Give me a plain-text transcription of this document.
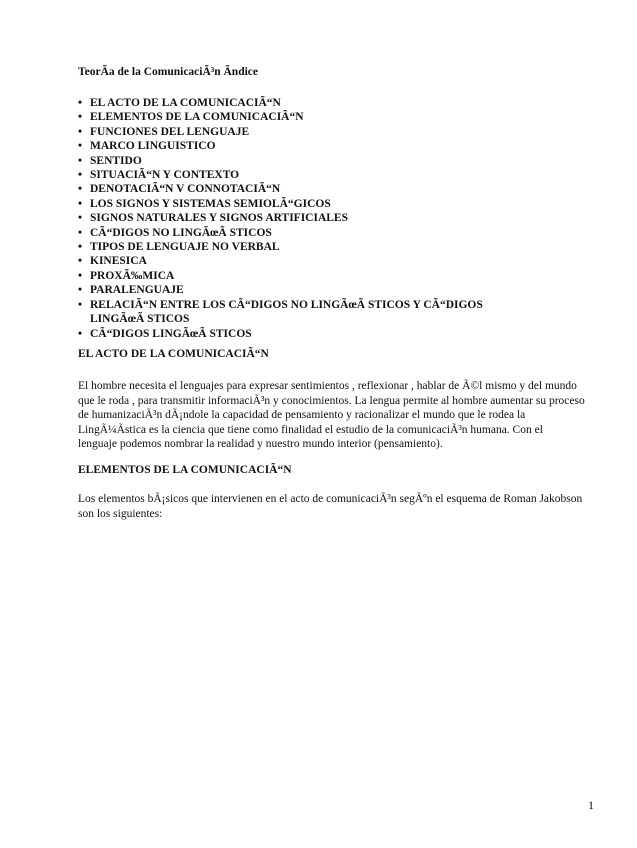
TeorÃa de la ComunicaciÃ³n Ãndice
• EL ACTO DE LA COMUNICACIÃ“N
• ELEMENTOS DE LA COMUNICACIÃ“N
• FUNCIONES DEL LENGUAJE
• MARCO LINGUISTICO
• SENTIDO
• SITUACIÃ“N Y CONTEXTO
• DENOTACIÃ“N V CONNOTACIÃ“N
• LOS SIGNOS Y SISTEMAS SEMIOLÃ“GICOS
• SIGNOS NATURALES Y SIGNOS ARTIFICIALES
• CÃ“DIGOS NO LINGÃœÃ STICOS
• TIPOS DE LENGUAJE NO VERBAL
• KINESICA
• PROXÃ‰MICA
• PARALENGUAJE
• RELACIÃ“N ENTRE LOS CÃ“DIGOS NO LINGÃœÃ STICOS Y CÃ“DIGOS
LINGÃœÃ STICOS
• CÃ“DIGOS LINGÃœÃ STICOS
EL ACTO DE LA COMUNICACIÃ“N

El hombre necesita el lenguajes para expresar sentimientos , reflexionar , hablar de Ã©l mismo y del mundo
que le roda , para transmitir informaciÃ³n y conocimientos. La lengua permite al hombre aumentar su proceso
de humanizaciÃ³n dÃ¡ndole la capacidad de pensamiento y racionalizar el mundo que le rodea la
LingÃ¼Ãstica es la ciencia que tiene como finalidad el estudio de la comunicaciÃ³n humana. Con el
lenguaje podemos nombrar la realidad y nuestro mundo interior (pensamiento).

ELEMENTOS DE LA COMUNICACIÃ“N

Los elementos bÃ¡sicos que intervienen en el acto de comunicaciÃ³n segÃºn el esquema de Roman Jakobson
son los siguientes:

1
